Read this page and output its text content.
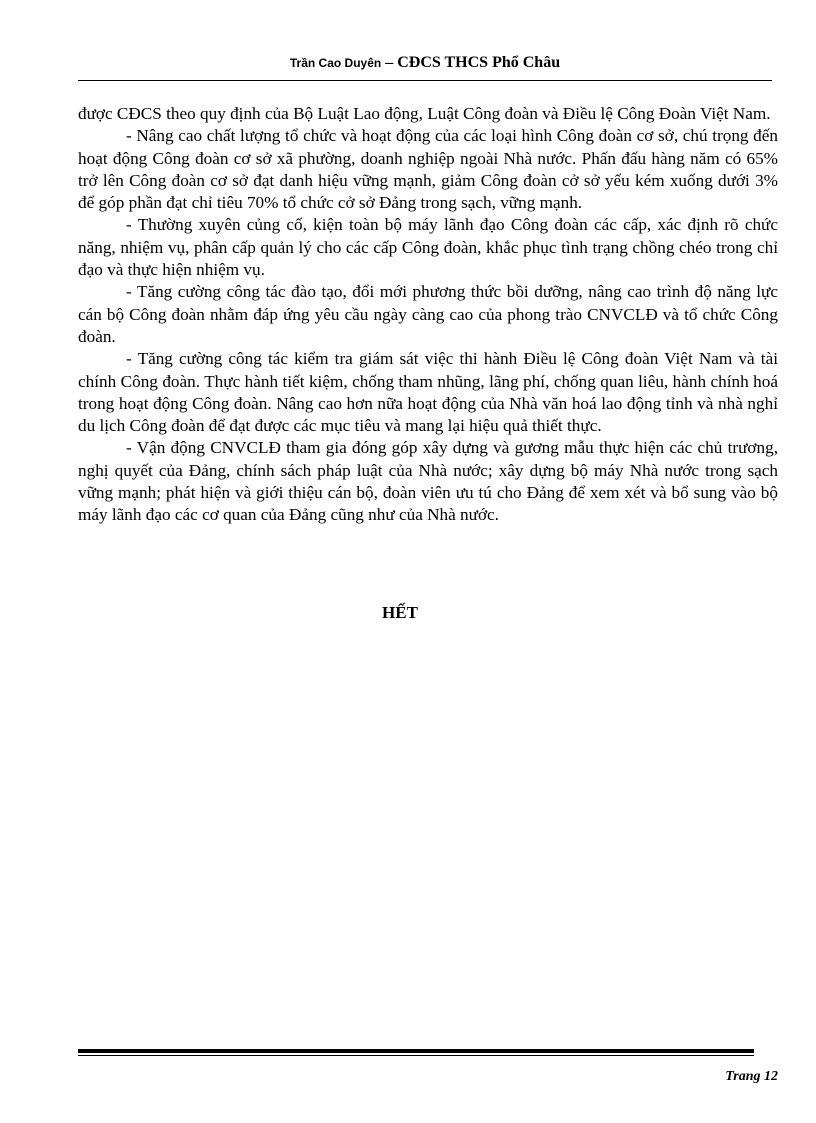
Trần Cao Duyên – CĐCS THCS Phổ Châu

được CĐCS theo quy định của Bộ Luật Lao động, Luật Công đoàn và Điều lệ Công Đoàn Việt Nam.

- Nâng cao chất lượng tổ chức và hoạt động của các loại hình Công đoàn cơ sở, chú trọng đến hoạt động Công đoàn cơ sở xã phường, doanh nghiệp ngoài Nhà nước. Phấn đấu hàng năm có 65% trở lên Công đoàn cơ sở đạt danh hiệu vững mạnh, giảm Công đoàn cở sở yếu kém xuống dưới 3% để góp phần đạt chỉ tiêu 70% tổ chức cở sở Đảng trong sạch, vững mạnh.

- Thường xuyên củng cố, kiện toàn bộ máy lãnh đạo Công đoàn các cấp, xác định rõ chức năng, nhiệm vụ, phân cấp quản lý cho các cấp Công đoàn, khắc phục tình trạng chồng chéo trong chỉ đạo và thực hiện nhiệm vụ.

- Tăng cường công tác đào tạo, đổi mới phương thức bồi dưỡng, nâng cao trình độ năng lực cán bộ Công đoàn nhằm đáp ứng yêu cầu ngày càng cao của phong trào CNVCLĐ và tổ chức Công đoàn.

- Tăng cường công tác kiểm tra giám sát việc thi hành Điều lệ Công đoàn Việt Nam và tài chính Công đoàn. Thực hành tiết kiệm, chống tham nhũng, lãng phí, chống quan liêu, hành chính hoá trong hoạt động Công đoàn. Nâng cao hơn nữa hoạt động của Nhà văn hoá lao động tỉnh và nhà nghỉ du lịch Công đoàn để đạt được các mục tiêu và mang lại hiệu quả thiết thực.

- Vận động CNVCLĐ tham gia đóng góp xây dựng và gương mẫu thực hiện các chủ trương, nghị quyết của Đảng, chính sách pháp luật của Nhà nước; xây dựng bộ máy Nhà nước trong sạch vững mạnh; phát hiện và giới thiệu cán bộ, đoàn viên ưu tú cho Đảng để xem xét và bổ sung vào bộ máy lãnh đạo các cơ quan của Đảng cũng như của Nhà nước.

HẾT
Trang 12
